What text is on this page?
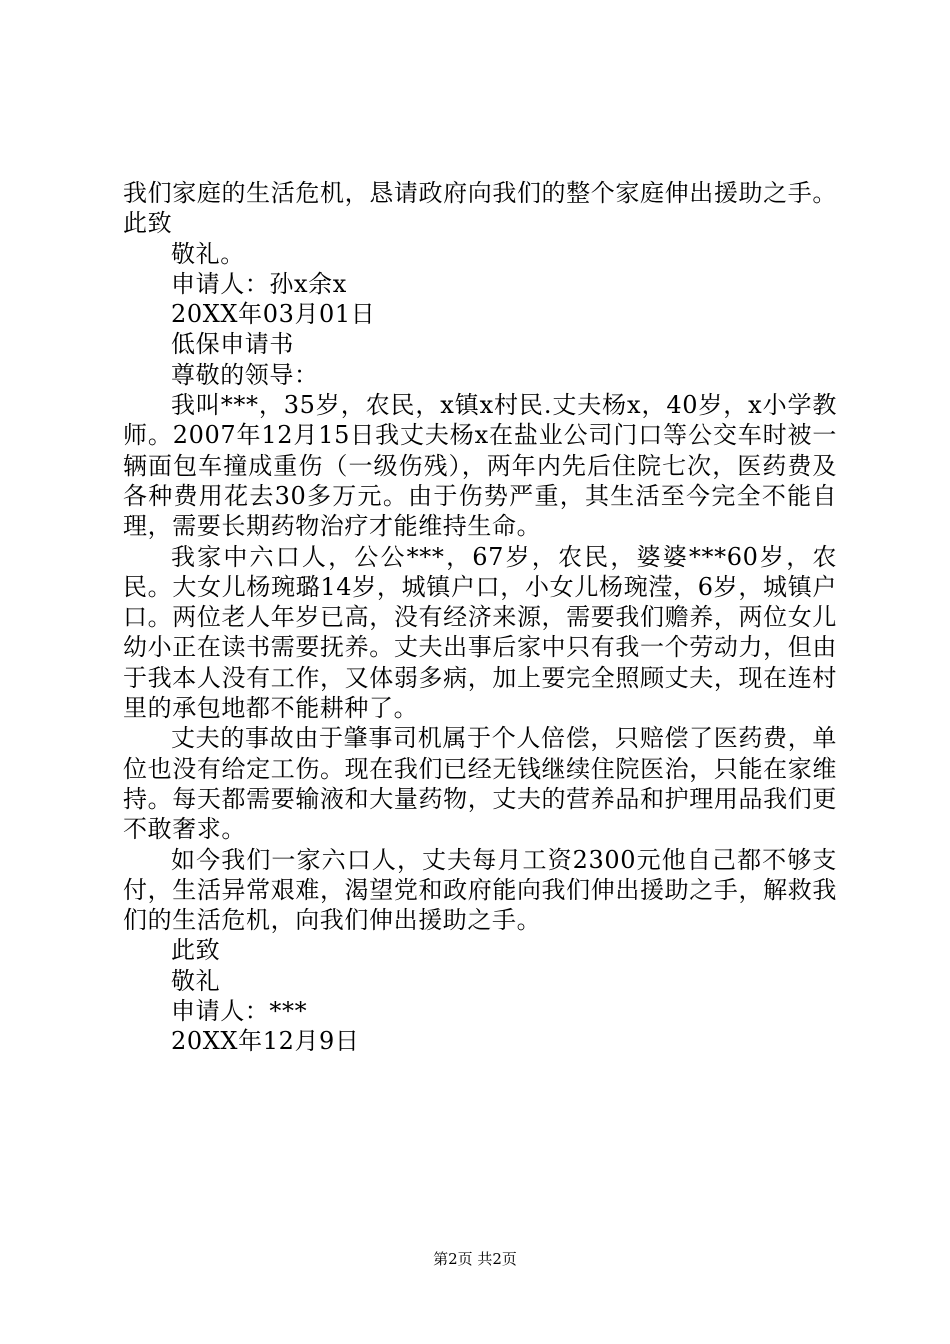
我们家庭的生活危机，恳请政府向我们的整个家庭伸出援助之手。此致

敬礼。

申请人：孙x余x

20XX年03月01日

低保申请书

尊敬的领导：

我叫***，35岁，农民，x镇x村民.丈夫杨x，40岁，x小学教师。2007年12月15日我丈夫杨x在盐业公司门口等公交车时被一辆面包车撞成重伤（一级伤残），两年内先后住院七次，医药费及各种费用花去30多万元。由于伤势严重，其生活至今完全不能自理，需要长期药物治疗才能维持生命。

我家中六口人，公公***，67岁，农民，婆婆***60岁，农民。大女儿杨琬璐14岁，城镇户口，小女儿杨琬滢，6岁，城镇户口。两位老人年岁已高，没有经济来源，需要我们赡养，两位女儿幼小正在读书需要抚养。丈夫出事后家中只有我一个劳动力，但由于我本人没有工作，又体弱多病，加上要完全照顾丈夫，现在连村里的承包地都不能耕种了。

丈夫的事故由于肇事司机属于个人倍偿，只赔偿了医药费，单位也没有给定工伤。现在我们已经无钱继续住院医治，只能在家维持。每天都需要输液和大量药物，丈夫的营养品和护理用品我们更不敢奢求。

如今我们一家六口人，丈夫每月工资2300元他自己都不够支付，生活异常艰难，渴望党和政府能向我们伸出援助之手，解救我们的生活危机，向我们伸出援助之手。

此致

敬礼

申请人：***

20XX年12月9日

第2页 共2页
